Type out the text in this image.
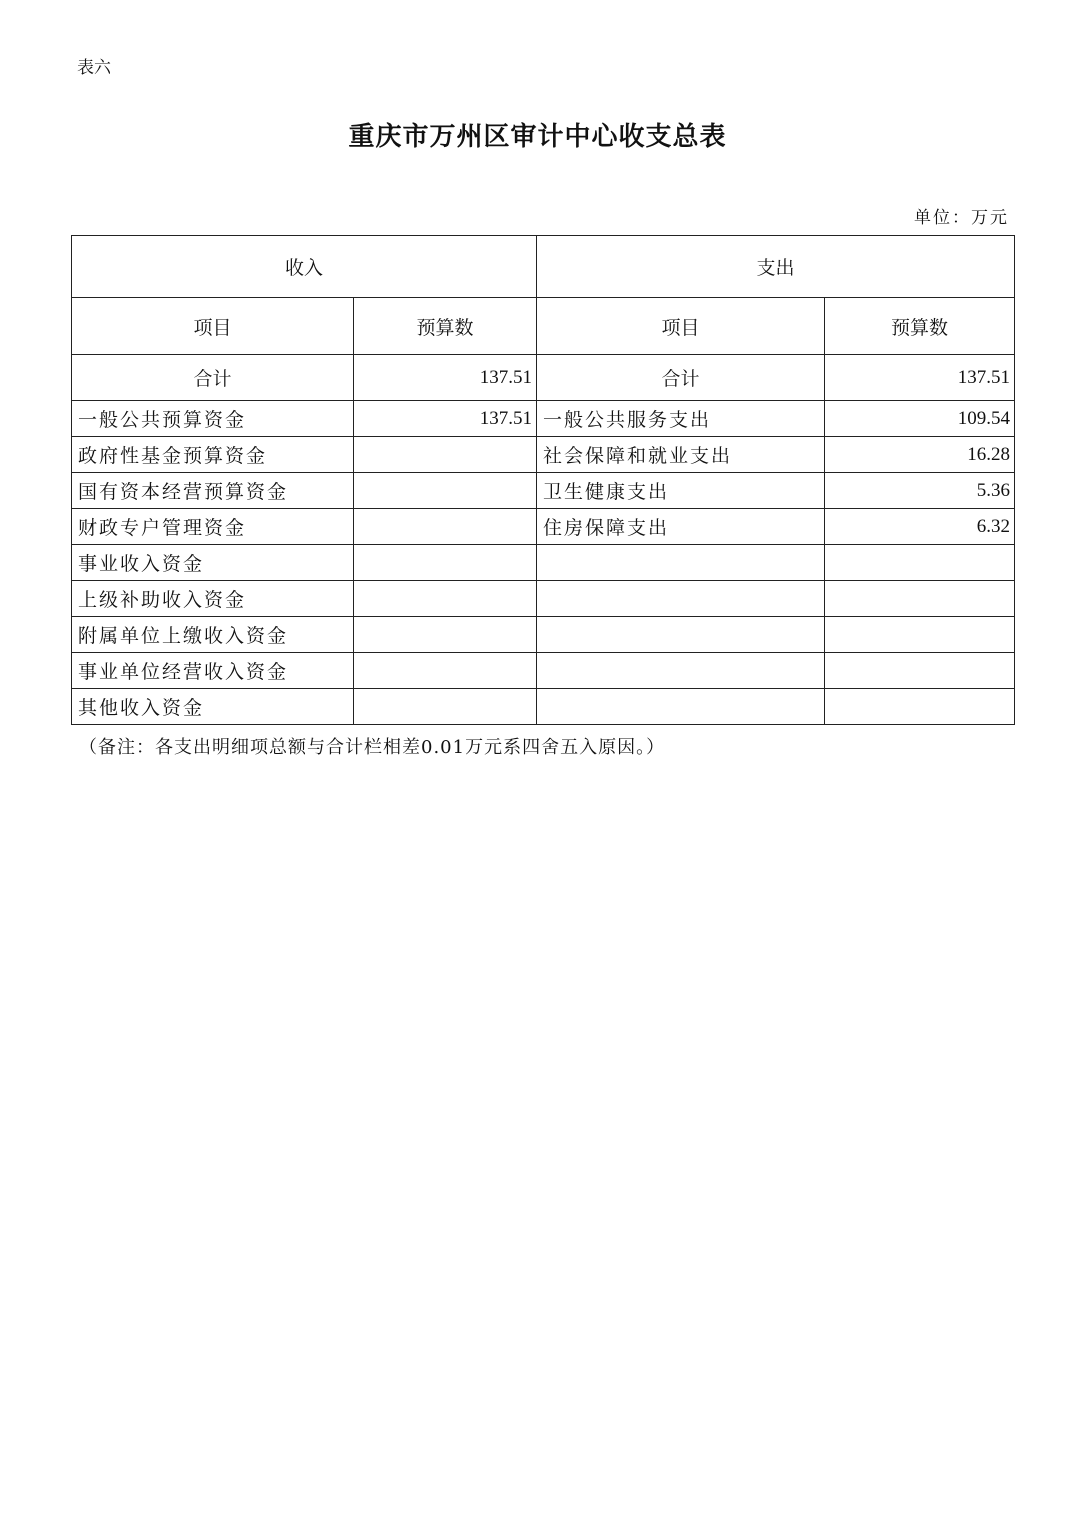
表六
重庆市万州区审计中心收支总表
单位：万元
收入		支出	
项目	预算数	项目	预算数
合计	137.51	合计	137.51
一般公共预算资金	137.51	一般公共服务支出	109.54
政府性基金预算资金		社会保障和就业支出	16.28
国有资本经营预算资金		卫生健康支出	5.36
财政专户管理资金		住房保障支出	6.32
事业收入资金			
上级补助收入资金			
附属单位上缴收入资金			
事业单位经营收入资金			
其他收入资金			
（备注：各支出明细项总额与合计栏相差0.01万元系四舍五入原因。）
